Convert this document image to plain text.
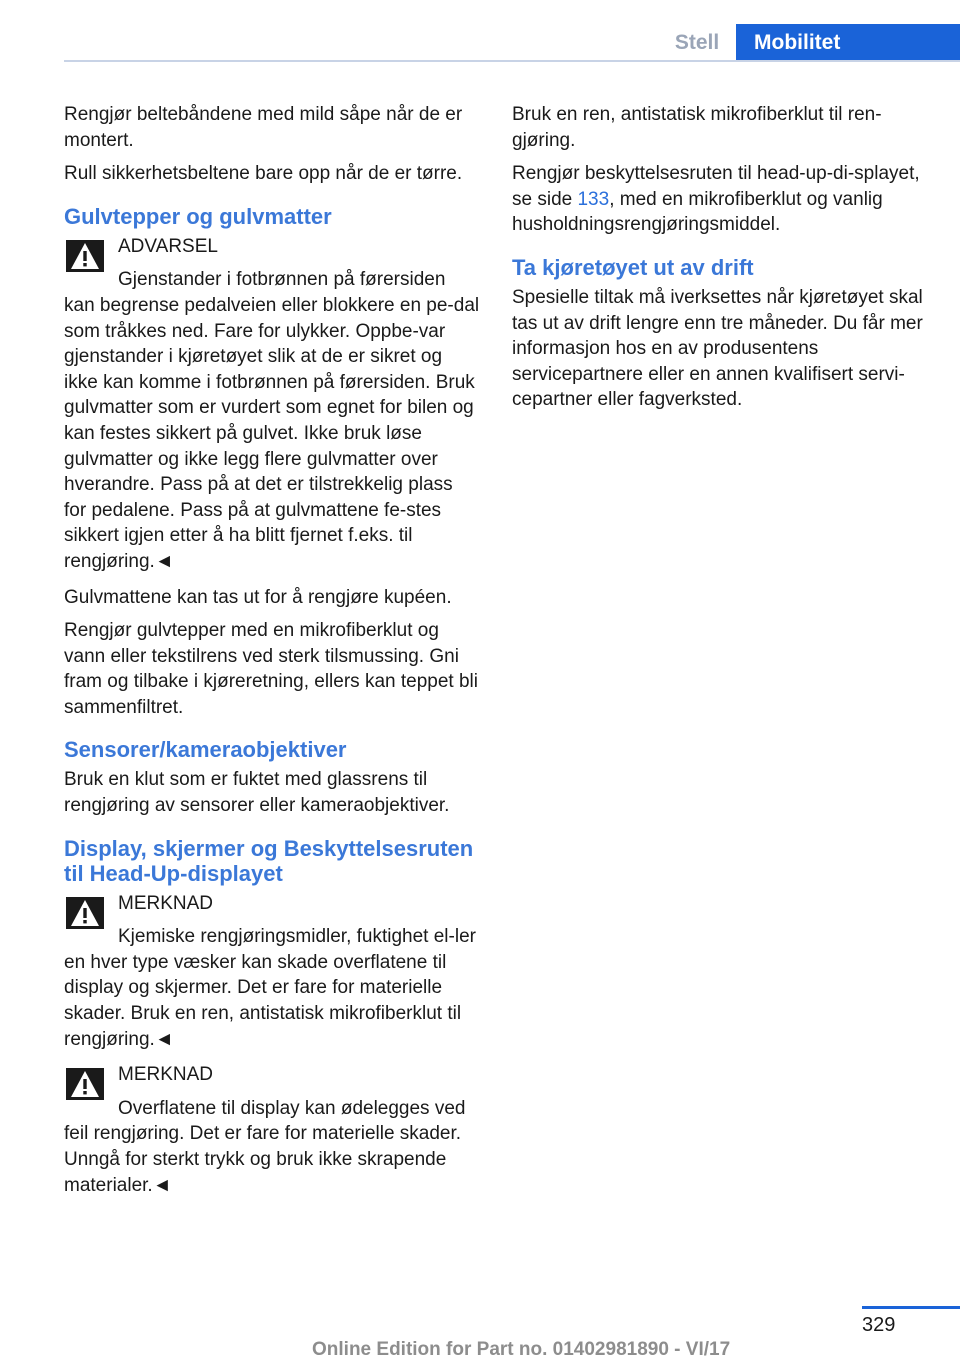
Stell	Mobilitet

Rengjør beltebåndene med mild såpe når de er montert.

Rull sikkerhetsbeltene bare opp når de er tørre.

Gulvtepper og gulvmatter
ADVARSEL
Gjenstander i fotbrønnen på førersiden kan begrense pedalveien eller blokkere en pe‐dal som tråkkes ned. Fare for ulykker. Oppbe‐var gjenstander i kjøretøyet slik at de er sikret og ikke kan komme i fotbrønnen på førersiden. Bruk gulvmatter som er vurdert som egnet for bilen og kan festes sikkert på gulvet. Ikke bruk løse gulvmatter og ikke legg flere gulvmatter over hverandre. Pass på at det er tilstrekkelig plass for pedalene. Pass på at gulvmattene fe‐stes sikkert igjen etter å ha blitt fjernet f.eks. til rengjøring.◄

Gulvmattene kan tas ut for å rengjøre kupéen.

Rengjør gulvtepper med en mikrofiberklut og vann eller tekstilrens ved sterk tilsmussing. Gni fram og tilbake i kjøreretning, ellers kan teppet bli sammenfiltret.

Sensorer/kameraobjektiver

Bruk en klut som er fuktet med glassrens til rengjøring av sensorer eller kameraobjektiver.

Display, skjermer og Beskyttelsesruten til Head-Up-displayet
MERKNAD
Kjemiske rengjøringsmidler, fuktighet el‐ler en hver type væsker kan skade overflatene til display og skjermer. Det er fare for materielle skader. Bruk en ren, antistatisk mikrofiberklut til rengjøring.◄
MERKNAD
Overflatene til display kan ødelegges ved feil rengjøring. Det er fare for materielle skader. Unngå for sterkt trykk og bruk ikke skrapende materialer.◄

Bruk en ren, antistatisk mikrofiberklut til ren‐gjøring.

Rengjør beskyttelsesruten til head-up-di‐splayet, se side 133, med en mikrofiberklut og vanlig husholdningsrengjøringsmiddel.

Ta kjøretøyet ut av drift

Spesielle tiltak må iverksettes når kjøretøyet skal tas ut av drift lengre enn tre måneder. Du får mer informasjon hos en av produsentens servicepartnere eller en annen kvalifisert servi‐cepartner eller fagverksted.

329
Online Edition for Part no. 01402981890 - VI/17
